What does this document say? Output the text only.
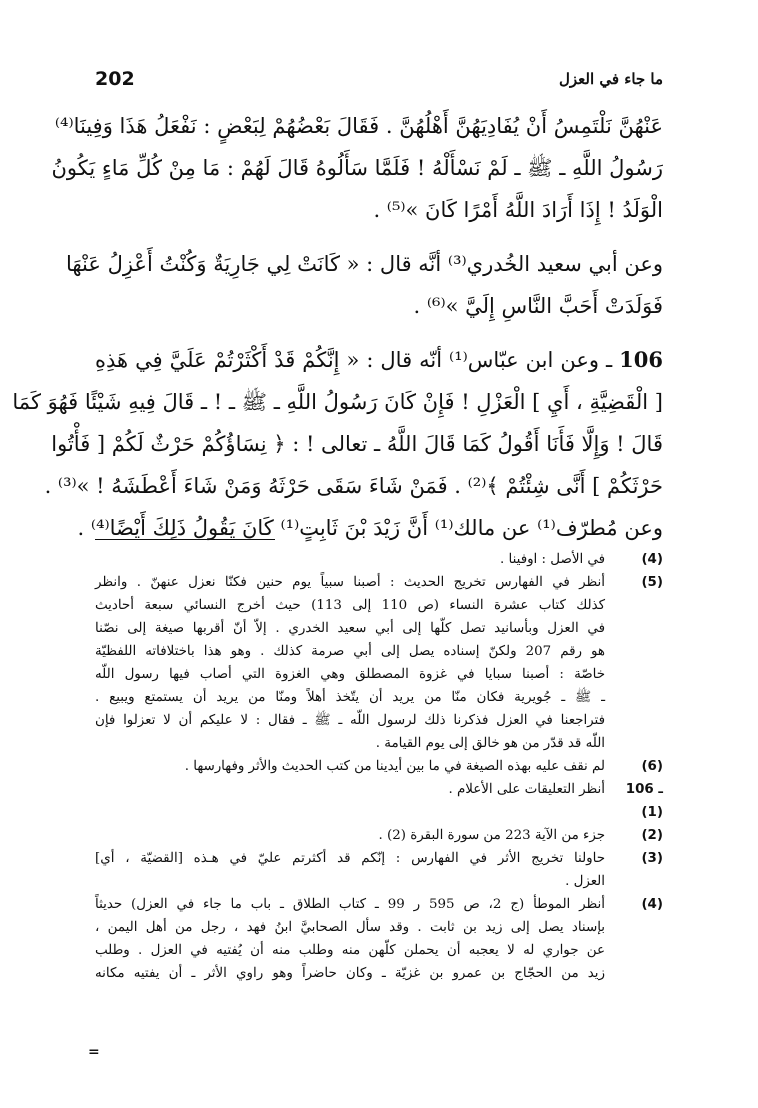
202	ما جاء في العزل
عَنْهُنَّ نَلْتَمِسُ أَنْ يُفَادِيَهُنَّ أَهْلُهُنَّ . فَقَالَ بَعْضُهُمْ لِبَعْضٍ : نَفْعَلُ هَذَا وَفِينَا⁽⁴⁾
رَسُولُ اللَّهِ ـ ﷺ ـ لَمْ نَسْأَلْهُ ! فَلَمَّا سَأَلُوهُ قَالَ لَهُمْ : مَا مِنْ كُلِّ مَاءٍ يَكُونُ
الْوَلَدُ ! إِذَا أَرَادَ اللَّهُ أَمْرًا كَانَ »⁽⁵⁾ .
وعن أبي سعيد الخُدري⁽³⁾ أنَّه قال : « كَانَتْ لِي جَارِيَةٌ وَكُنْتُ أَعْزِلُ عَنْهَا
فَوَلَدَتْ أَحَبَّ النَّاسِ إِلَيَّ »⁽⁶⁾ .
106 ـ وعن ابن عبّاس⁽¹⁾ أنّه قال : « إِنَّكُمْ قَدْ أَكْثَرْتُمْ عَلَيَّ فِي هَذِهِ
[ الْقَضِيَّةِ ، أَيِ ] الْعَزْلِ ! فَإِنْ كَانَ رَسُولُ اللَّهِ ـ ﷺ ـ ! ـ قَالَ فِيهِ شَيْئًا فَهُوَ كَمَا
قَالَ ! وَإِلَّا فَأَنَا أَقُولُ كَمَا قَالَ اللَّهُ ـ تعالى ! : ﴿ نِسَاؤُكُمْ حَرْثٌ لَكُمْ [ فَأْتُوا
حَرْثَكُمْ ] أَنَّى شِئْتُمْ ﴾⁽²⁾ . فَمَنْ شَاءَ سَقَى حَرْثَهُ وَمَنْ شَاءَ أَعْطَشَهُ ! »⁽³⁾ .
وعن مُطرّف⁽¹⁾ عن مالك⁽¹⁾ أَنَّ زَيْدَ بْنَ ثَابِتٍ⁽¹⁾ كَانَ يَقُولُ ذَلِكَ أَيْضًا⁽⁴⁾ .
(4)
في الأصل : اوفينا .
(5)
أنظر في الفهارس تخريج الحديث : أصبنا سبياً يوم حنين فكنّا نعزل عنهنّ . وانظر
كذلك كتاب عشرة النساء (ص 110 إلى 113) حيث أخرج النسائي سبعة أحاديث
في العزل وبأسانيد تصل كلّها إلى أبي سعيد الخدري . إلاّ أنّ أقربها صيغة إلى نصّنا
هو رقم 207 ولكنّ إسناده يصل إلى أبي صرمة كذلك . وهو هذا باختلافاته اللفظيّة
خاصّة : أصبنا سبايا في غزوة المصطلق وهي الغزوة التي أصاب فيها رسول اللّه
ـ ﷺ ـ جُويرية فكان منّا من يريد أن يتّخذ أهلاً ومنّا من يريد أن يستمتع ويبيع .
فتراجعنا في العزل فذكرنا ذلك لرسول اللّه ـ ﷺ ـ فقال : لا عليكم أن لا تعزلوا فإن
اللّه قد قدّر من هو خالق إلى يوم القيامة .
(6)
لم نقف عليه بهذه الصيغة في ما بين أيدينا من كتب الحديث والأثر وفهارسها .
106 ـ (1)
أنظر التعليقات على الأعلام .
(2)
جزء من الآية 223 من سورة البقرة (2) .
(3)
حاولنا تخريج الأثر في الفهارس : إنّكم قد أكثرتم عليّ في هـذه [القضيّة ، أي]
العزل .
(4)
أنظر الموطأ (ج 2، ص 595 ر 99 ـ كتاب الطلاق ـ باب ما جاء في العزل) حديثاً
بإسناد يصل إلى زيد بن ثابت . وقد سأل الصحابيَّ ابنُ فهد ، رجل من أهل اليمن ،
عن جواري له لا يعجبه أن يحملن كلّهن منه وطلب منه أن يُفتيه في العزل . وطلب
زيد من الحجّاج بن عمرو بن غزيّة ـ وكان حاضراً وهو راوي الأثر ـ أن يفتيه مكانه
=
